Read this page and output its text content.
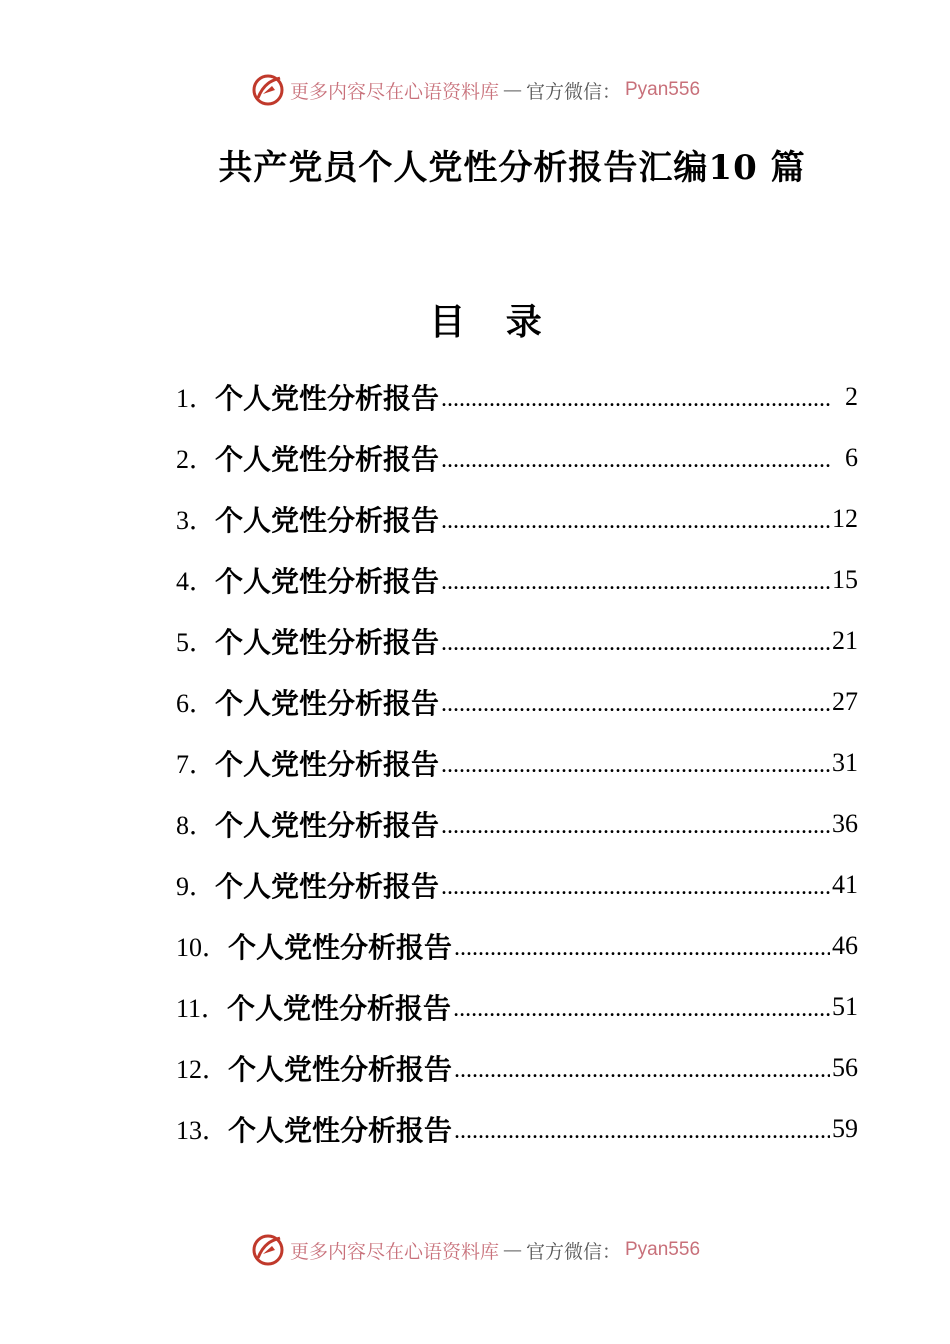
更多内容尽在心语资料库 — 官方微信： Pyan556
共产党员个人党性分析报告汇编10 篇
目 录
1． 个人党性分析报告 .....	2
2． 个人党性分析报告 .....	6
3． 个人党性分析报告 .....	12
4． 个人党性分析报告 .....	15
5． 个人党性分析报告 .....	21
6． 个人党性分析报告 .....	27
7． 个人党性分析报告 .....	31
8． 个人党性分析报告 .....	36
9． 个人党性分析报告 .....	41
10． 个人党性分析报告 .....	46
11． 个人党性分析报告 .....	51
12． 个人党性分析报告 .....	56
13． 个人党性分析报告 .....	59
更多内容尽在心语资料库 — 官方微信： Pyan556
